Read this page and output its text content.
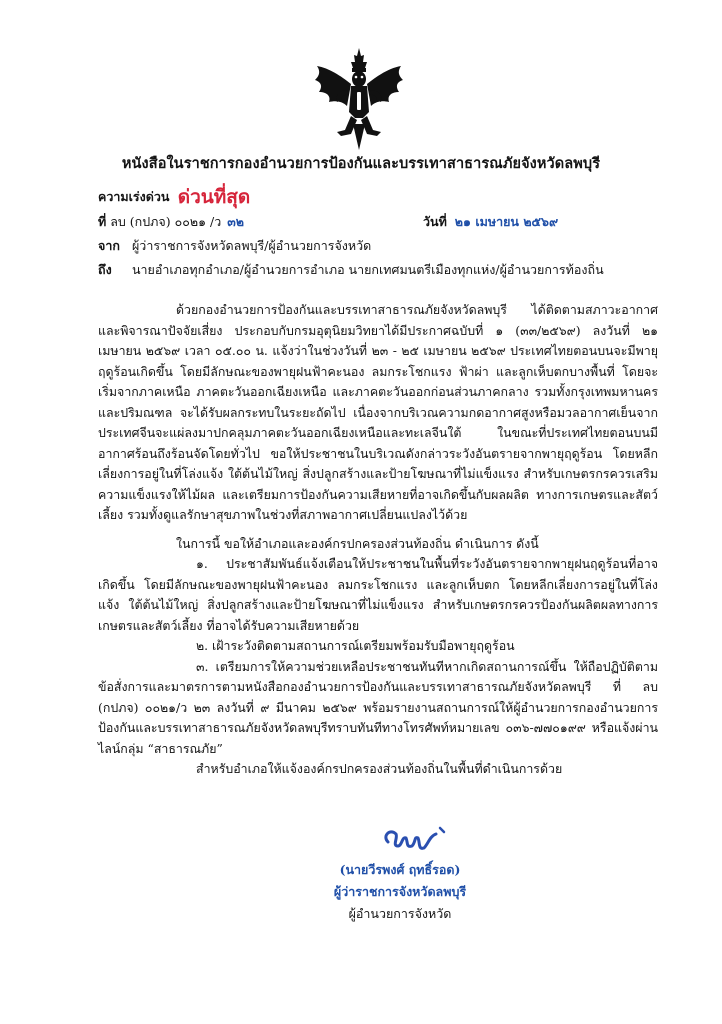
หนังสือในราชการกองอำนวยการป้องกันและบรรเทาสาธารณภัยจังหวัดลพบุรี
ความเร่งด่วน ด่วนที่สุด
ที่ ลบ (กปภจ) ๐๐๒๑ /ว ๓๒	วันที่ ๒๑ เมษายน ๒๕๖๙
จาก ผู้ว่าราชการจังหวัดลพบุรี/ผู้อำนวยการจังหวัด
ถึง นายอำเภอทุกอำเภอ/ผู้อำนวยการอำเภอ นายกเทศมนตรีเมืองทุกแห่ง/ผู้อำนวยการท้องถิ่น

ด้วยกองอำนวยการป้องกันและบรรเทาสาธารณภัยจังหวัดลพบุรี ได้ติดตามสภาวะอากาศและพิจารณาปัจจัยเสี่ยง ประกอบกับกรมอุตุนิยมวิทยาได้มีประกาศฉบับที่ ๑ (๓๓/๒๕๖๙) ลงวันที่ ๒๑ เมษายน ๒๕๖๙ เวลา ๐๕.๐๐ น. แจ้งว่าในช่วงวันที่ ๒๓ - ๒๕ เมษายน ๒๕๖๙ ประเทศไทยตอนบนจะมีพายุฤดูร้อนเกิดขึ้น โดยมีลักษณะของพายุฝนฟ้าคะนอง ลมกระโชกแรง ฟ้าผ่า และลูกเห็บตกบางพื้นที่ โดยจะเริ่มจากภาคเหนือ ภาคตะวันออกเฉียงเหนือ และภาคตะวันออกก่อนส่วนภาคกลาง รวมทั้งกรุงเทพมหานครและปริมณฑล จะได้รับผลกระทบในระยะถัดไป เนื่องจากบริเวณความกดอากาศสูงหรือมวลอากาศเย็นจากประเทศจีนจะแผ่ลงมาปกคลุมภาคตะวันออกเฉียงเหนือและทะเลจีนใต้ ในขณะที่ประเทศไทยตอนบนมีอากาศร้อนถึงร้อนจัดโดยทั่วไป ขอให้ประชาชนในบริเวณดังกล่าวระวังอันตรายจากพายุฤดูร้อน โดยหลีกเลี่ยงการอยู่ในที่โล่งแจ้ง ใต้ต้นไม้ใหญ่ สิ่งปลูกสร้างและป้ายโฆษณาที่ไม่แข็งแรง สำหรับเกษตรกรควรเสริมความแข็งแรงให้ไม้ผล และเตรียมการป้องกันความเสียหายที่อาจเกิดขึ้นกับผลผลิต ทางการเกษตรและสัตว์เลี้ยง รวมทั้งดูแลรักษาสุขภาพในช่วงที่สภาพอากาศเปลี่ยนแปลงไว้ด้วย

ในการนี้ ขอให้อำเภอและองค์กรปกครองส่วนท้องถิ่น ดำเนินการ ดังนี้

๑. ประชาสัมพันธ์แจ้งเตือนให้ประชาชนในพื้นที่ระวังอันตรายจากพายุฝนฤดูร้อนที่อาจเกิดขึ้น โดยมีลักษณะของพายุฝนฟ้าคะนอง ลมกระโชกแรง และลูกเห็บตก โดยหลีกเลี่ยงการอยู่ในที่โล่งแจ้ง ใต้ต้นไม้ใหญ่ สิ่งปลูกสร้างและป้ายโฆษณาที่ไม่แข็งแรง สำหรับเกษตรกรควรป้องกันผลิตผลทางการเกษตรและสัตว์เลี้ยง ที่อาจได้รับความเสียหายด้วย

๒. เฝ้าระวังติดตามสถานการณ์เตรียมพร้อมรับมือพายุฤดูร้อน

๓. เตรียมการให้ความช่วยเหลือประชาชนทันทีหากเกิดสถานการณ์ขึ้น ให้ถือปฏิบัติตามข้อสั่งการและมาตรการตามหนังสือกองอำนวยการป้องกันและบรรเทาสาธารณภัยจังหวัดลพบุรี ที่ ลบ (กปภจ) ๐๐๒๑/ว ๒๓ ลงวันที่ ๙ มีนาคม ๒๕๖๙ พร้อมรายงานสถานการณ์ให้ผู้อำนวยการกองอำนวยการป้องกันและบรรเทาสาธารณภัยจังหวัดลพบุรีทราบทันทีทางโทรศัพท์หมายเลข ๐๓๖-๗๗๐๑๙๙ หรือแจ้งผ่านไลน์กลุ่ม “สาธารณภัย”

สำหรับอำเภอให้แจ้งองค์กรปกครองส่วนท้องถิ่นในพื้นที่ดำเนินการด้วย

(นายวีรพงศ์ ฤทธิ์รอด)
ผู้ว่าราชการจังหวัดลพบุรี
ผู้อำนวยการจังหวัด
